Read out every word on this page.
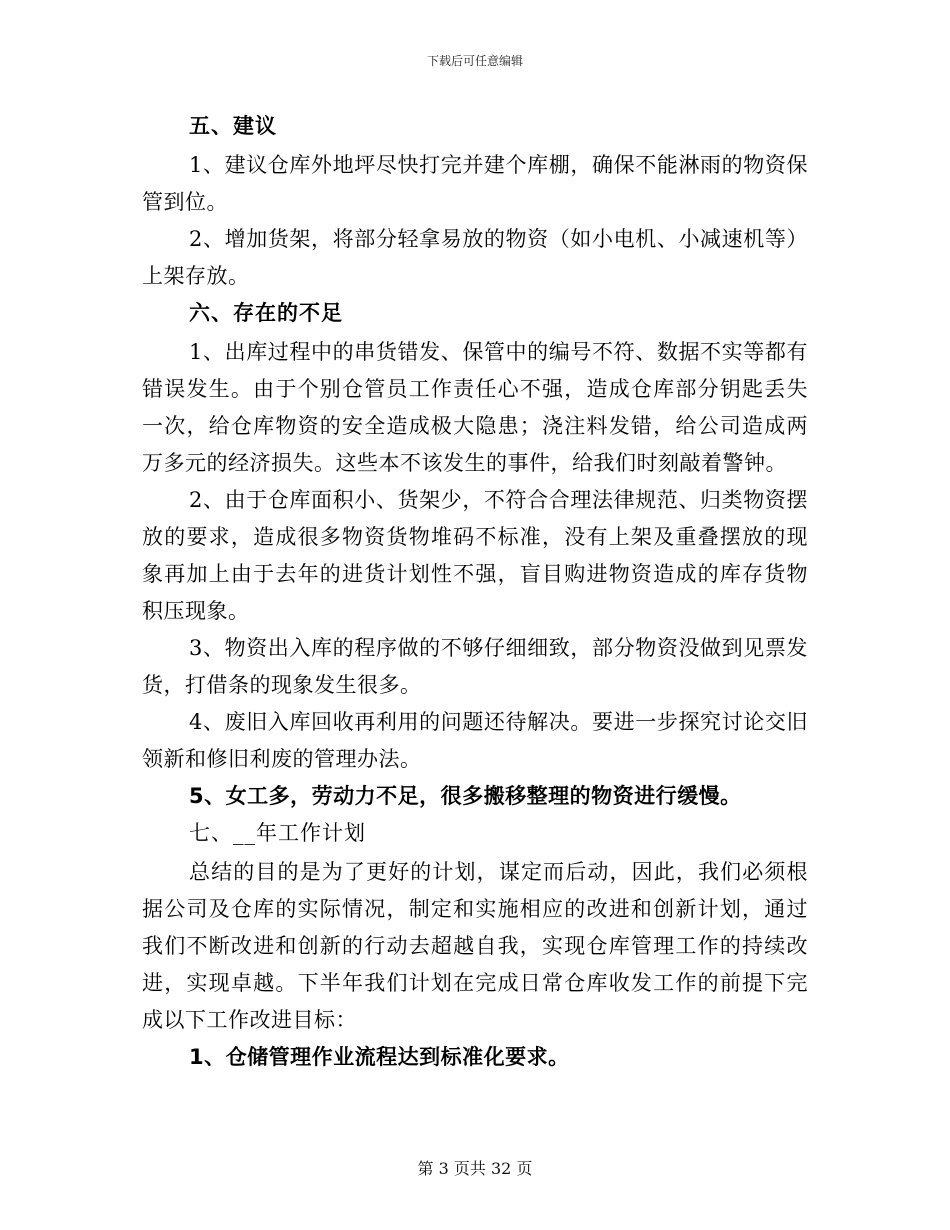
下载后可任意编辑

五、建议

1、建议仓库外地坪尽快打完并建个库棚，确保不能淋雨的物资保管到位。

2、增加货架，将部分轻拿易放的物资（如小电机、小减速机等）上架存放。

六、存在的不足

1、出库过程中的串货错发、保管中的编号不符、数据不实等都有错误发生。由于个别仓管员工作责任心不强，造成仓库部分钥匙丢失一次，给仓库物资的安全造成极大隐患；浇注料发错，给公司造成两万多元的经济损失。这些本不该发生的事件，给我们时刻敲着警钟。

2、由于仓库面积小、货架少，不符合合理法律规范、归类物资摆放的要求，造成很多物资货物堆码不标准，没有上架及重叠摆放的现象再加上由于去年的进货计划性不强，盲目购进物资造成的库存货物积压现象。

3、物资出入库的程序做的不够仔细细致，部分物资没做到见票发货，打借条的现象发生很多。

4、废旧入库回收再利用的问题还待解决。要进一步探究讨论交旧领新和修旧利废的管理办法。

5、女工多，劳动力不足，很多搬移整理的物资进行缓慢。

七、__年工作计划

总结的目的是为了更好的计划，谋定而后动，因此，我们必须根据公司及仓库的实际情况，制定和实施相应的改进和创新计划，通过我们不断改进和创新的行动去超越自我，实现仓库管理工作的持续改进，实现卓越。下半年我们计划在完成日常仓库收发工作的前提下完成以下工作改进目标：

1、仓储管理作业流程达到标准化要求。

第 3 页共 32 页
